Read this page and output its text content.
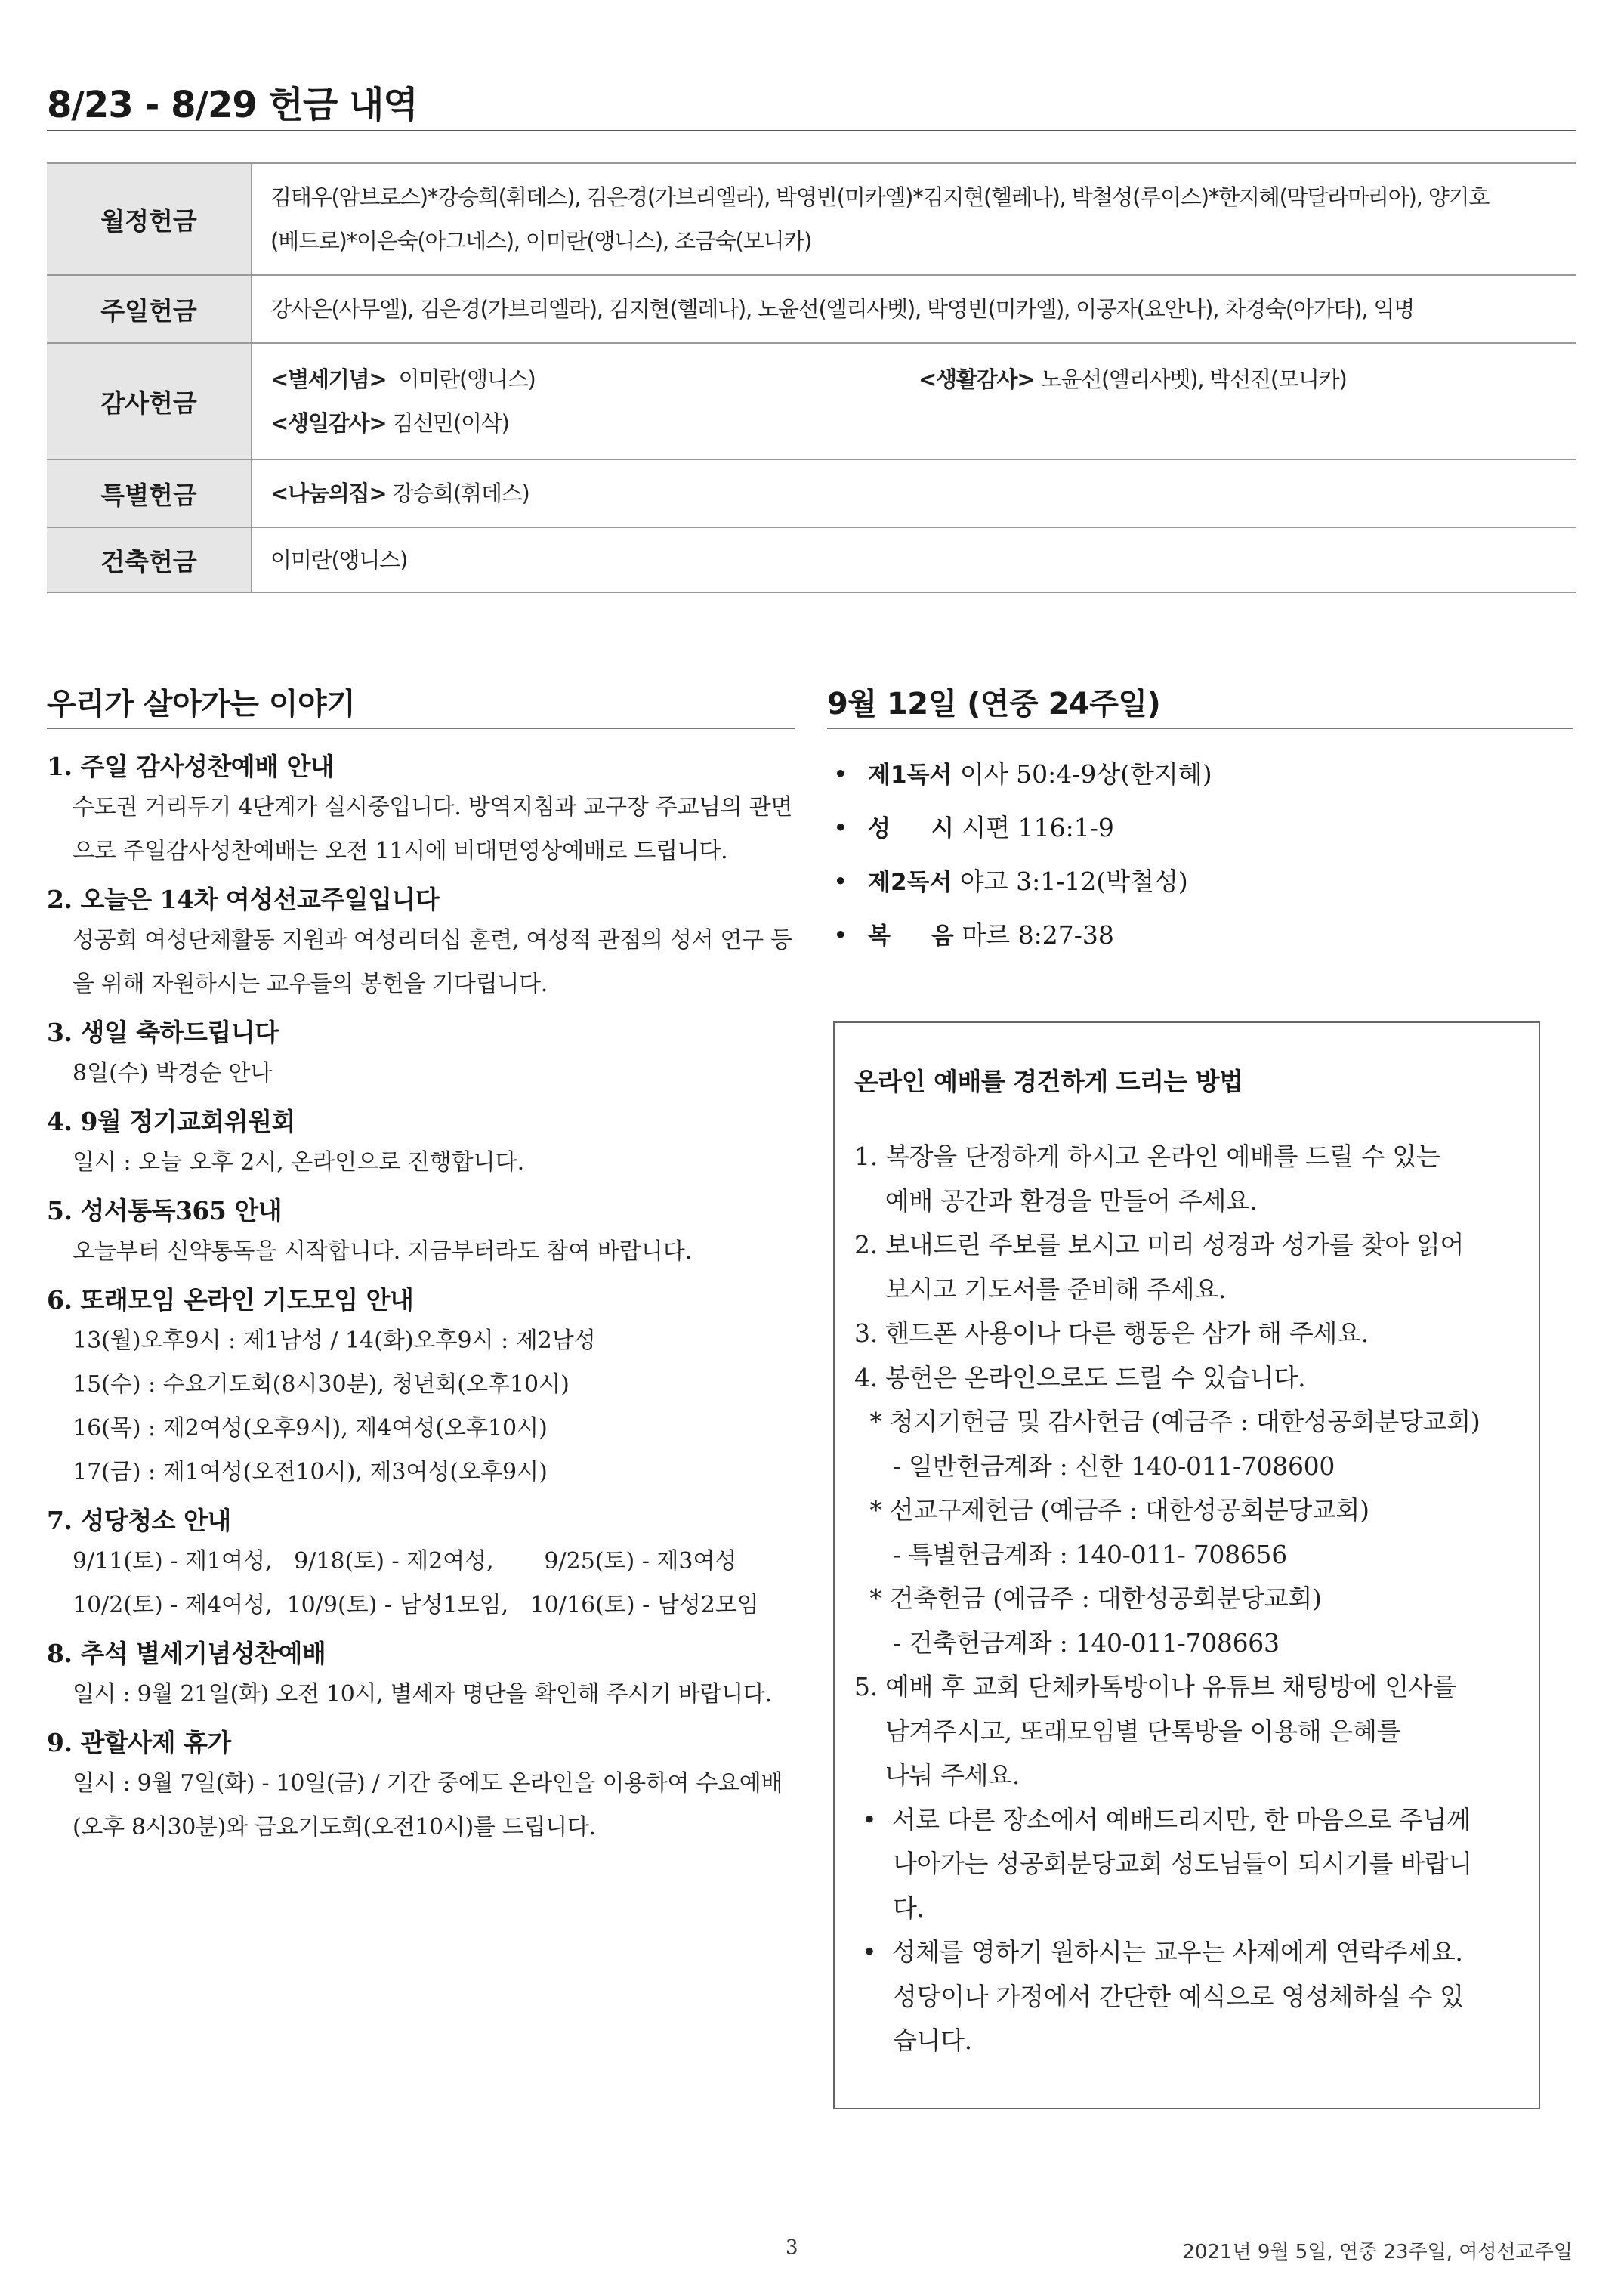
8/23 - 8/29 헌금 내역
월정헌금	김태우(암브로스)*강승희(휘데스), 김은경(가브리엘라), 박영빈(미카엘)*김지현(헬레나), 박철성(루이스)*한지혜(막달라마리아), 양기호
(베드로)*이은숙(아그네스), 이미란(앵니스), 조금숙(모니카)

주일헌금	강사은(사무엘), 김은경(가브리엘라), 김지현(헬레나), 노윤선(엘리사벳), 박영빈(미카엘), 이공자(요안나), 차경숙(아가타), 익명
감사헌금	<별세기념> 이미란(앵니스) <생활감사> 노윤선(엘리사벳), 박선진(모니카)
<생일감사> 김선민(이삭)

특별헌금	<나눔의집> 강승희(휘데스)
건축헌금	이미란(앵니스)
우리가 살아가는 이야기
1. 주일 감사성찬예배 안내
수도권 거리두기 4단계가 실시중입니다. 방역지침과 교구장 주교님의 관면으로 주일감사성찬예배는 오전 11시에 비대면영상예배로 드립니다.
2. 오늘은 14차 여성선교주일입니다
성공회 여성단체활동 지원과 여성리더십 훈련, 여성적 관점의 성서 연구 등을 위해 자원하시는 교우들의 봉헌을 기다립니다.
3. 생일 축하드립니다
8일(수) 박경순 안나
4. 9월 정기교회위원회
일시 : 오늘 오후 2시, 온라인으로 진행합니다.
5. 성서통독365 안내
오늘부터 신약통독을 시작합니다. 지금부터라도 참여 바랍니다.
6. 또래모임 온라인 기도모임 안내
13(월)오후9시 : 제1남성 / 14(화)오후9시 : 제2남성
15(수) : 수요기도회(8시30분), 청년회(오후10시)
16(목) : 제2여성(오후9시), 제4여성(오후10시)
17(금) : 제1여성(오전10시), 제3여성(오후9시)
7. 성당청소 안내
9/11(토) - 제1여성,   9/18(토) - 제2여성,       9/25(토) - 제3여성
10/2(토) - 제4여성,  10/9(토) - 남성1모임,   10/16(토) - 남성2모임
8. 추석 별세기념성찬예배
일시 : 9월 21일(화) 오전 10시, 별세자 명단을 확인해 주시기 바랍니다.
9. 관할사제 휴가
일시 : 9월 7일(화) - 10일(금) / 기간 중에도 온라인을 이용하여 수요예배(오후 8시30분)와 금요기도회(오전10시)를 드립니다.
9월 12일 (연중 24주일)
• 제1독서 이사 50:4-9상(한지혜)
• 성     시 시편 116:1-9
• 제2독서 야고 3:1-12(박철성)
• 복     음 마르 8:27-38
온라인 예배를 경건하게 드리는 방법
1. 복장을 단정하게 하시고 온라인 예배를 드릴 수 있는
예배 공간과 환경을 만들어 주세요.
2. 보내드린 주보를 보시고 미리 성경과 성가를 찾아 읽어
보시고 기도서를 준비해 주세요.
3. 핸드폰 사용이나 다른 행동은 삼가 해 주세요.
4. 봉헌은 온라인으로도 드릴 수 있습니다.
* 청지기헌금 및 감사헌금 (예금주 : 대한성공회분당교회)
- 일반헌금계좌 : 신한 140-011-708600
* 선교구제헌금 (예금주 : 대한성공회분당교회)
- 특별헌금계좌 : 140-011- 708656
* 건축헌금 (예금주 : 대한성공회분당교회)
- 건축헌금계좌 : 140-011-708663
5. 예배 후 교회 단체카톡방이나 유튜브 채팅방에 인사를
남겨주시고, 또래모임별 단톡방을 이용해 은혜를
나눠 주세요.
•  서로 다른 장소에서 예배드리지만, 한 마음으로 주님께
나아가는 성공회분당교회 성도님들이 되시기를 바랍니
다.
•  성체를 영하기 원하시는 교우는 사제에게 연락주세요.
성당이나 가정에서 간단한 예식으로 영성체하실 수 있
습니다.
3	2021년 9월 5일, 연중 23주일, 여성선교주일
